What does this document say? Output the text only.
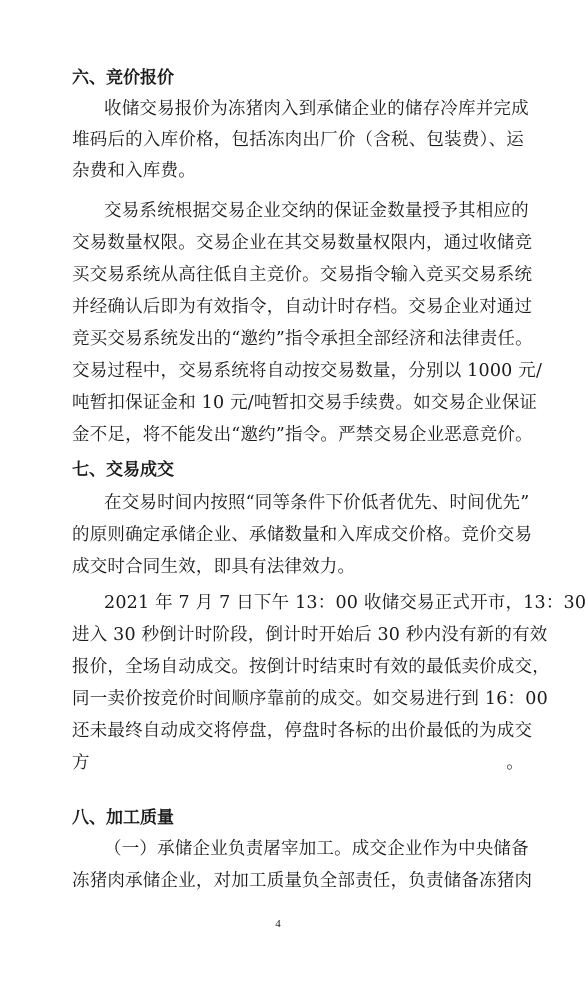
六、竞价报价
收储交易报价为冻猪肉入到承储企业的储存冷库并完成
堆码后的入库价格，包括冻肉出厂价（含税、包装费）、运
杂费和入库费。
交易系统根据交易企业交纳的保证金数量授予其相应的
交易数量权限。交易企业在其交易数量权限内，通过收储竞
买交易系统从高往低自主竞价。交易指令输入竞买交易系统
并经确认后即为有效指令，自动计时存档。交易企业对通过
竞买交易系统发出的“邀约”指令承担全部经济和法律责任。
交易过程中，交易系统将自动按交易数量，分别以 1000 元/
吨暂扣保证金和 10 元/吨暂扣交易手续费。如交易企业保证
金不足，将不能发出“邀约”指令。严禁交易企业恶意竞价。
七、交易成交
在交易时间内按照“同等条件下价低者优先、时间优先”
的原则确定承储企业、承储数量和入库成交价格。竞价交易
成交时合同生效，即具有法律效力。
2021 年 7 月 7 日下午 13：00 收储交易正式开市，13：30
进入 30 秒倒计时阶段，倒计时开始后 30 秒内没有新的有效
报价，全场自动成交。按倒计时结束时有效的最低卖价成交，
同一卖价按竞价时间顺序靠前的成交。如交易进行到 16：00
还未最终自动成交将停盘，停盘时各标的出价最低的为成交
方。
八、加工质量
（一）承储企业负责屠宰加工。成交企业作为中央储备
冻猪肉承储企业，对加工质量负全部责任，负责储备冻猪肉
4
